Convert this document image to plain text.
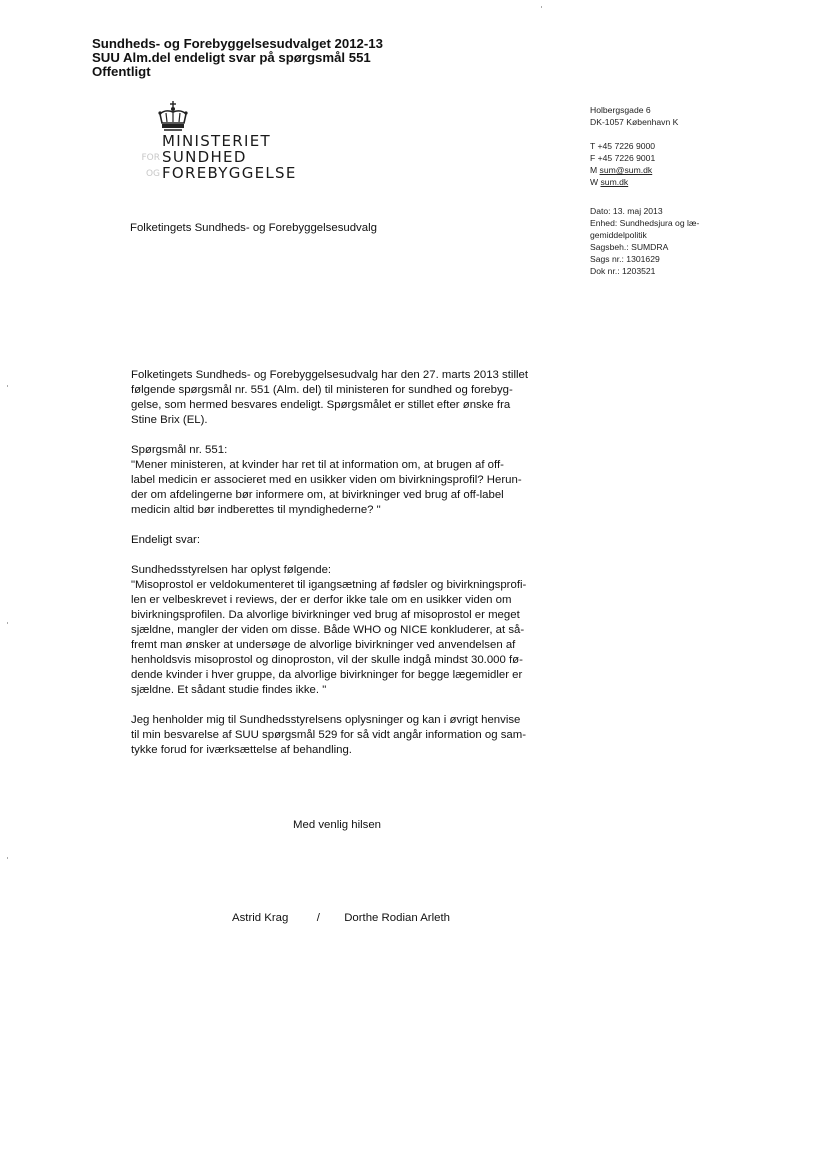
Sundheds- og Forebyggelsesudvalget 2012-13
SUU Alm.del endeligt svar på spørgsmål 551
Offentligt
FOR
OG
MINISTERIET
SUNDHED
FOREBYGGELSE
Holbergsgade 6
DK-1057 København K
T +45 7226 9000
F +45 7226 9001
M sum@sum.dk
W sum.dk
Dato: 13. maj 2013
Enhed: Sundhedsjura og læ-
gemiddelpolitik
Sagsbeh.: SUMDRA
Sags nr.: 1301629
Dok nr.: 1203521
Folketingets Sundheds- og Forebyggelsesudvalg

Folketingets Sundheds- og Forebyggelsesudvalg har den 27. marts 2013 stillet
følgende spørgsmål nr. 551 (Alm. del) til ministeren for sundhed og forebyg-
gelse, som hermed besvares endeligt. Spørgsmålet er stillet efter ønske fra
Stine Brix (EL).

Spørgsmål nr. 551:
"Mener ministeren, at kvinder har ret til at information om, at brugen af off-
label medicin er associeret med en usikker viden om bivirkningsprofil? Herun-
der om afdelingerne bør informere om, at bivirkninger ved brug af off-label
medicin altid bør indberettes til myndighederne? "

Endeligt svar:

Sundhedsstyrelsen har oplyst følgende:
"Misoprostol er veldokumenteret til igangsætning af fødsler og bivirkningsprofi-
len er velbeskrevet i reviews, der er derfor ikke tale om en usikker viden om
bivirkningsprofilen. Da alvorlige bivirkninger ved brug af misoprostol er meget
sjældne, mangler der viden om disse. Både WHO og NICE konkluderer, at så-
fremt man ønsker at undersøge de alvorlige bivirkninger ved anvendelsen af
henholdsvis misoprostol og dinoproston, vil der skulle indgå mindst 30.000 fø-
dende kvinder i hver gruppe, da alvorlige bivirkninger for begge lægemidler er
sjældne. Et sådant studie findes ikke. "

Jeg henholder mig til Sundhedsstyrelsens oplysninger og kan i øvrigt henvise
til min besvarelse af SUU spørgsmål 529 for så vidt angår information og sam-
tykke forud for iværksættelse af behandling.

Med venlig hilsen
Astrid Krag / Dorthe Rodian Arleth
